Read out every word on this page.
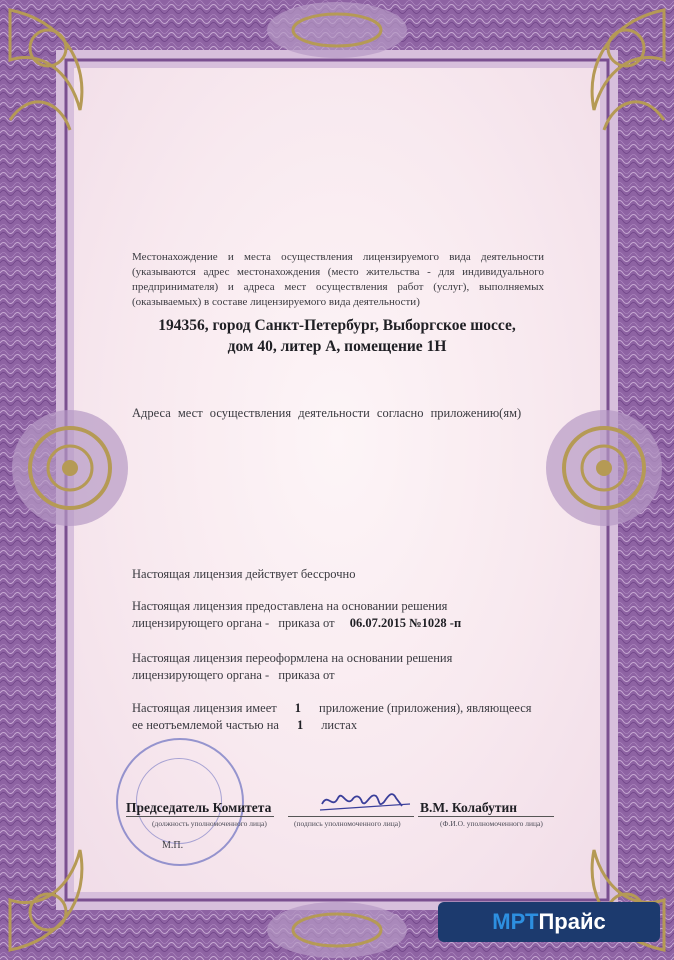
Местонахождение и места осуществления лицензируемого вида деятельности (указываются адрес местонахождения (место жительства - для индивидуального предпринимателя) и адреса мест осуществления работ (услуг), выполняемых (оказываемых) в составе лицензируемого вида деятельности)
194356, город Санкт-Петербург, Выборгское шоссе,
дом 40, литер А, помещение 1Н
Адреса мест осуществления деятельности согласно приложению(ям)
Настоящая лицензия действует бессрочно
Настоящая лицензия предоставлена на основании решения
лицензирующего органа - приказа от 06.07.2015 №1028 -п
Настоящая лицензия переоформлена на основании решения
лицензирующего органа - приказа от
Настоящая лицензия имеет 1 приложение (приложения), являющееся
ее неотъемлемой частью на 1 листах
Председатель Комитета	В.М. Колабутин
(должность уполномоченного лица)	(подпись уполномоченного лица)	(Ф.И.О. уполномоченного лица)
М.П.
МРТ Прайс
